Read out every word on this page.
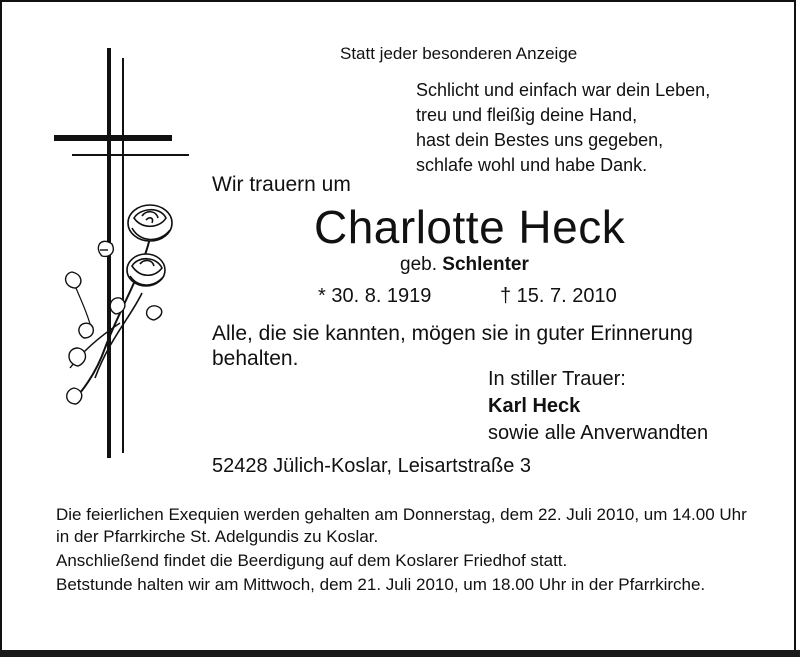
Statt jeder besonderen Anzeige
Schlicht und einfach war dein Leben,
treu und fleißig deine Hand,
hast dein Bestes uns gegeben,
schlafe wohl und habe Dank.
Wir trauern um
Charlotte Heck
geb. Schlenter
* 30. 8. 1919	† 15. 7. 2010
Alle, die sie kannten, mögen sie in guter Erinnerung
behalten.
In stiller Trauer:
Karl Heck
sowie alle Anverwandten
52428 Jülich-Koslar, Leisartstraße 3

Die feierlichen Exequien werden gehalten am Donnerstag, dem 22. Juli 2010, um 14.00 Uhr in der Pfarrkirche St. Adelgundis zu Koslar.

Anschließend findet die Beerdigung auf dem Koslarer Friedhof statt.

Betstunde halten wir am Mittwoch, dem 21. Juli 2010, um 18.00 Uhr in der Pfarrkirche.
